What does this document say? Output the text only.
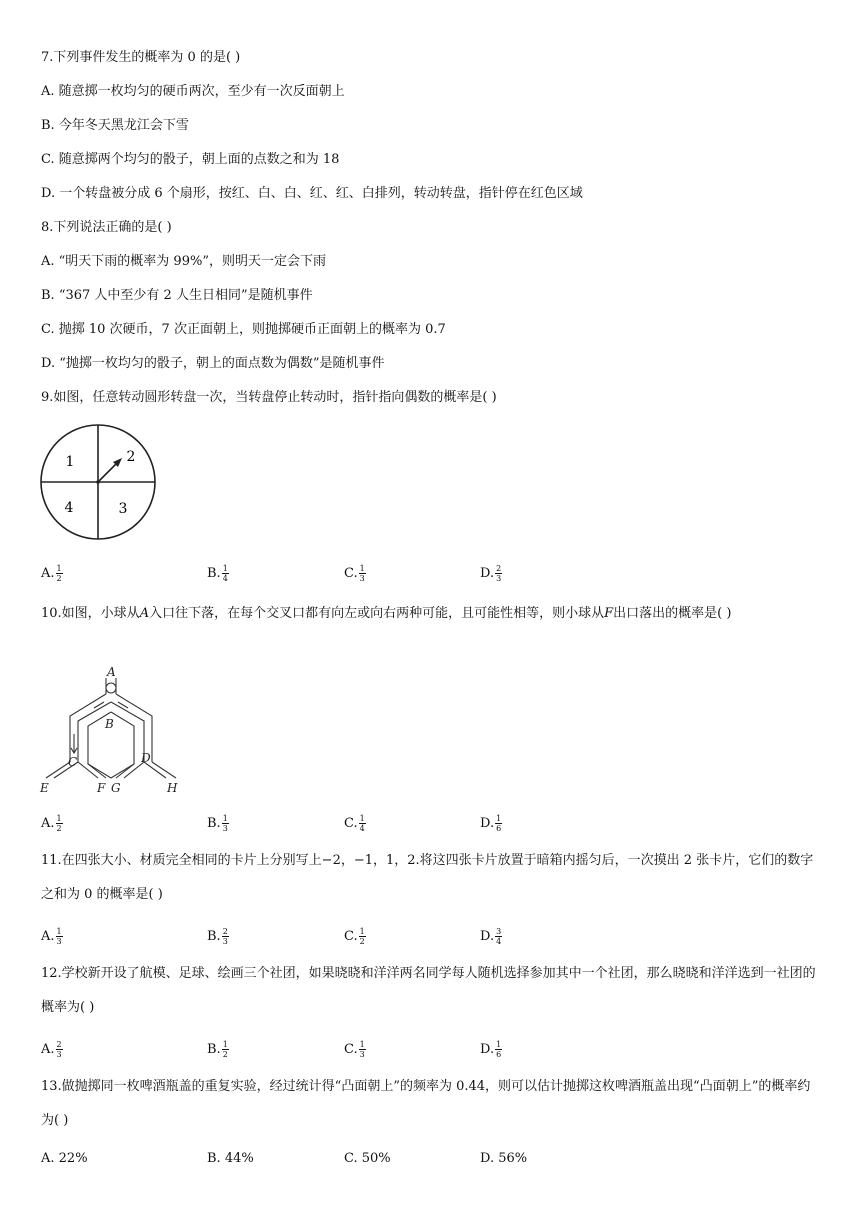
7.下列事件发生的概率为 0 的是( )
A. 随意掷一枚均匀的硬币两次，至少有一次反面朝上
B. 今年冬天黑龙江会下雪
C. 随意掷两个均匀的骰子，朝上面的点数之和为 18
D. 一个转盘被分成 6 个扇形，按红、白、白、红、红、白排列，转动转盘，指针停在红色区域
8.下列说法正确的是( )
A. “明天下雨的概率为 99%”，则明天一定会下雨
B. “367 人中至少有 2 人生日相同”是随机事件
C. 抛掷 10 次硬币，7 次正面朝上，则抛掷硬币正面朝上的概率为 0.7
D. “抛掷一枚均匀的骰子，朝上的面点数为偶数”是随机事件
9.如图，任意转动圆形转盘一次，当转盘停止转动时，指针指向偶数的概率是( )
1	2
4	3
A. $\frac{1}{2}$	B. $\frac{1}{4}$	C. $\frac{1}{3}$	D. $\frac{2}{3}$
10.如图，小球从A入口往下落，在每个交叉口都有向左或向右两种可能，且可能性相等，则小球从F出口落出的概率是( )
A
B
C	D
E	F G	H
A. $\frac{1}{2}$	B. $\frac{1}{3}$	C. $\frac{1}{4}$	D. $\frac{1}{6}$
11.在四张大小、材质完全相同的卡片上分别写上−2，−1，1，2.将这四张卡片放置于暗箱内摇匀后，一次摸出 2 张卡片，它们的数字之和为 0 的概率是( )
A. $\frac{1}{3}$	B. $\frac{2}{3}$	C. $\frac{1}{2}$	D. $\frac{3}{4}$
12.学校新开设了航模、足球、绘画三个社团，如果晓晓和洋洋两名同学每人随机选择参加其中一个社团，那么晓晓和洋洋选到一社团的概率为( )
A. $\frac{2}{3}$	B. $\frac{1}{2}$	C. $\frac{1}{3}$	D. $\frac{1}{6}$
13.做抛掷同一枚啤酒瓶盖的重复实验，经过统计得“凸面朝上”的频率为 0.44，则可以估计抛掷这枚啤酒瓶盖出现“凸面朝上”的概率约为( )
A. 22%	B. 44%	C. 50%	D. 56%
